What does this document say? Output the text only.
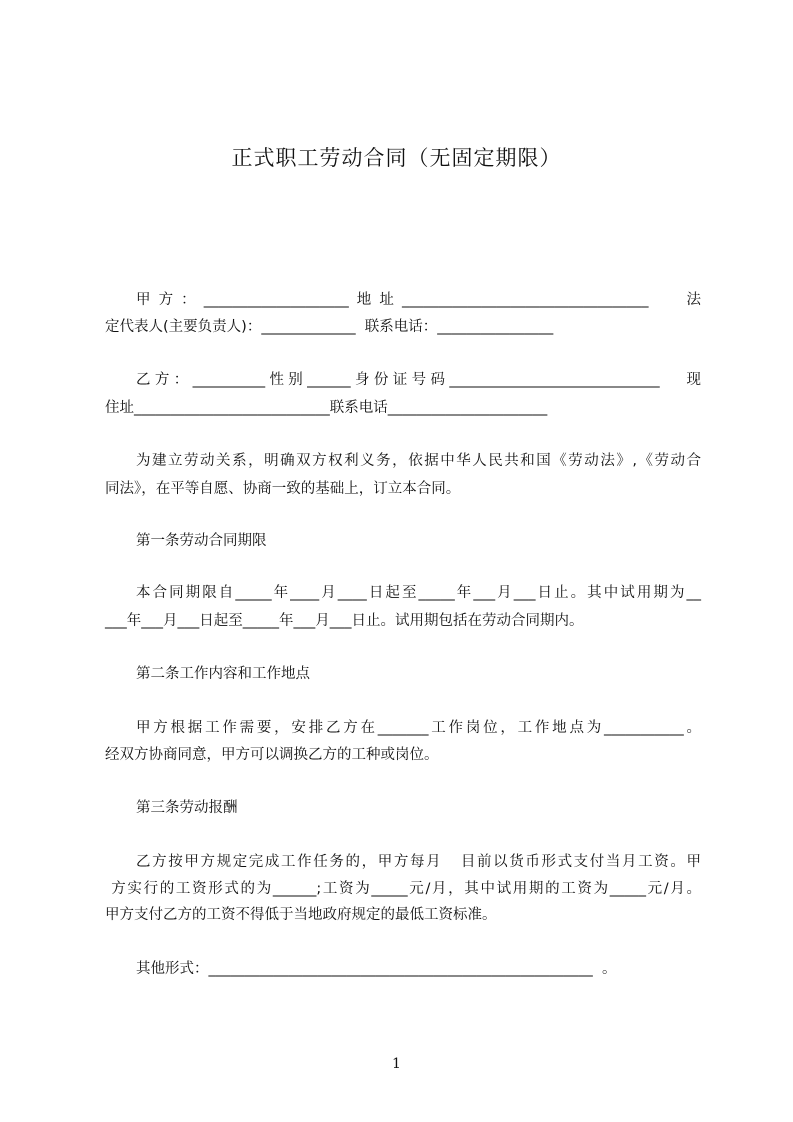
正式职工劳动合同（无固定期限）
甲方：____________________地址__________________________________   法
定代表人(主要负责人)：_____________  联系电话：________________
乙方：__________性别______身份证号码_____________________________   现
住址___________________________联系电话______________________
为建立劳动关系，明确双方权利义务，依据中华人民共和国《劳动法》,《劳动合
同法》，在平等自愿、协商一致的基础上，订立本合同。
第一条劳动合同期限
本合同期限自_____年____月____日起至_____年___月___日止。其中试用期为__
___年___月___日起至_____年___月___日止。试用期包括在劳动合同期内。
第二条工作内容和工作地点
甲方根据工作需要，安排乙方在_______工作岗位，工作地点为___________。
经双方协商同意，甲方可以调换乙方的工种或岗位。
第三条劳动报酬
乙方按甲方规定完成工作任务的，甲方每月   目前以货币形式支付当月工资。甲
方实行的工资形式的为______;工资为_____元/月，其中试用期的工资为_____元/月。
甲方支付乙方的工资不得低于当地政府规定的最低工资标准。
其他形式：_____________________________________________________  。
1
